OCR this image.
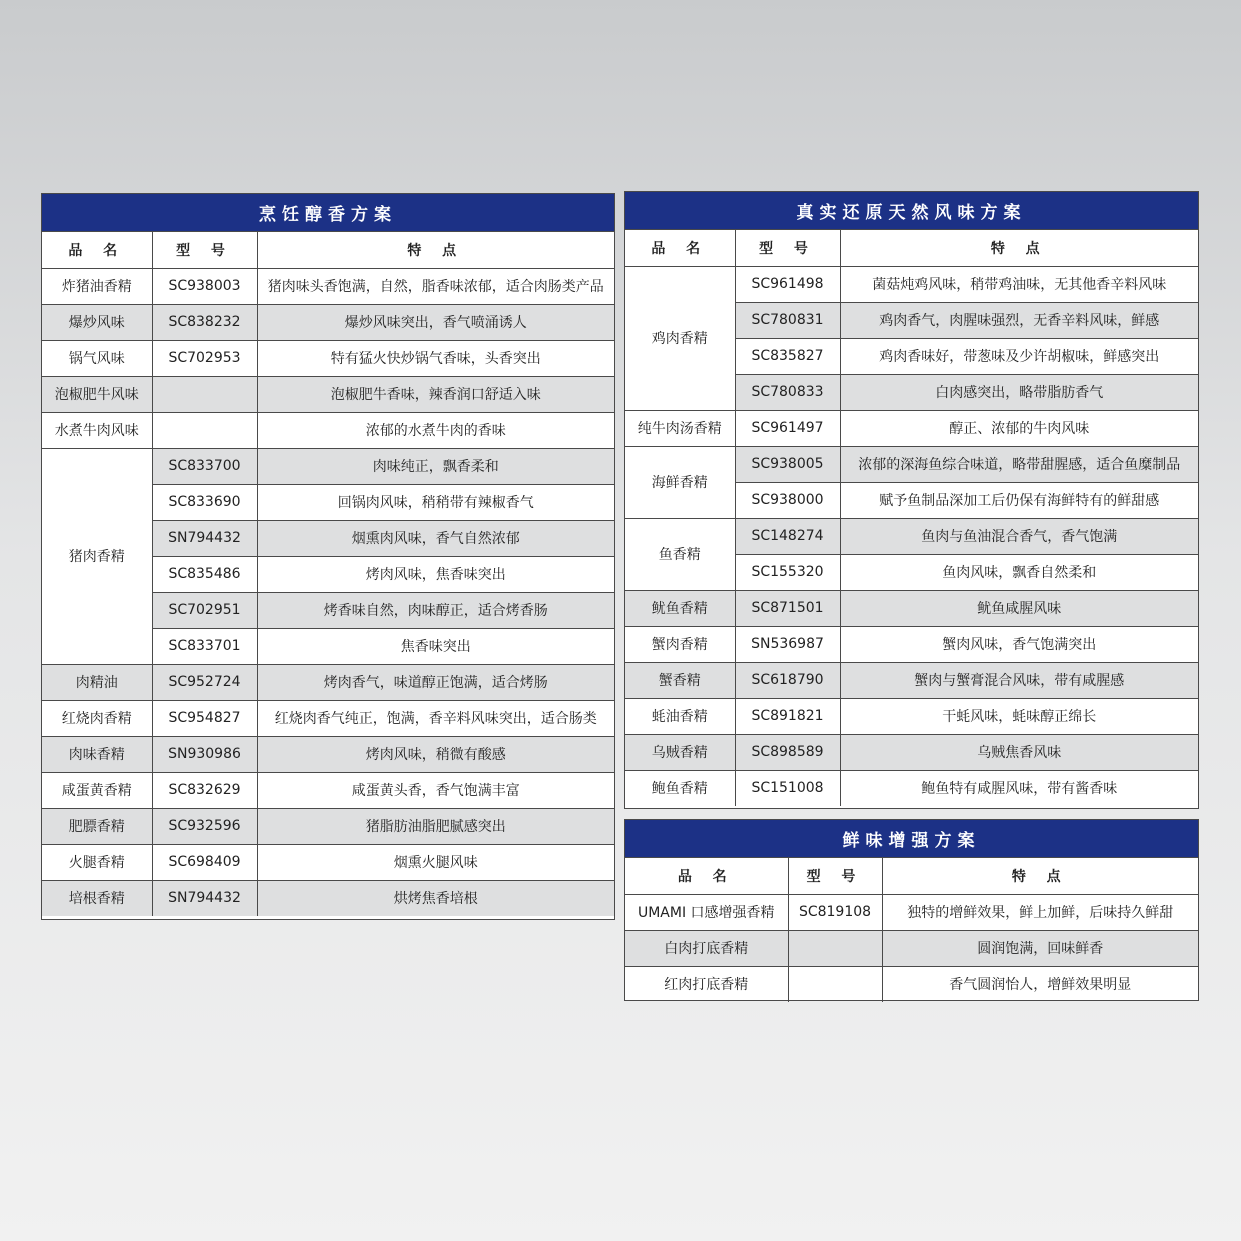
烹饪醇香方案
品 名	型 号	特 点
炸猪油香精	SC938003	猪肉味头香饱满，自然，脂香味浓郁，适合肉肠类产品
爆炒风味	SC838232	爆炒风味突出，香气喷涌诱人
锅气风味	SC702953	特有猛火快炒锅气香味，头香突出
泡椒肥牛风味		泡椒肥牛香味，辣香润口舒适入味
水煮牛肉风味		浓郁的水煮牛肉的香味
猪肉香精	SC833700	肉味纯正，飘香柔和
	SC833690	回锅肉风味，稍稍带有辣椒香气
	SN794432	烟熏肉风味，香气自然浓郁
	SC835486	烤肉风味，焦香味突出
	SC702951	烤香味自然，肉味醇正，适合烤香肠
	SC833701	焦香味突出
肉精油	SC952724	烤肉香气，味道醇正饱满，适合烤肠
红烧肉香精	SC954827	红烧肉香气纯正，饱满，香辛料风味突出，适合肠类
肉味香精	SN930986	烤肉风味，稍微有酸感
咸蛋黄香精	SC832629	咸蛋黄头香，香气饱满丰富
肥膘香精	SC932596	猪脂肪油脂肥腻感突出
火腿香精	SC698409	烟熏火腿风味
培根香精	SN794432	烘烤焦香培根
真实还原天然风味方案
品 名	型 号	特 点
鸡肉香精	SC961498	菌菇炖鸡风味，稍带鸡油味，无其他香辛料风味
	SC780831	鸡肉香气，肉腥味强烈，无香辛料风味，鲜感
	SC835827	鸡肉香味好，带葱味及少许胡椒味，鲜感突出
	SC780833	白肉感突出，略带脂肪香气
纯牛肉汤香精	SC961497	醇正、浓郁的牛肉风味
海鲜香精	SC938005	浓郁的深海鱼综合味道，略带甜腥感，适合鱼糜制品
	SC938000	赋予鱼制品深加工后仍保有海鲜特有的鲜甜感
鱼香精	SC148274	鱼肉与鱼油混合香气，香气饱满
	SC155320	鱼肉风味，飘香自然柔和
鱿鱼香精	SC871501	鱿鱼咸腥风味
蟹肉香精	SN536987	蟹肉风味，香气饱满突出
蟹香精	SC618790	蟹肉与蟹膏混合风味，带有咸腥感
蚝油香精	SC891821	干蚝风味，蚝味醇正绵长
乌贼香精	SC898589	乌贼焦香风味
鲍鱼香精	SC151008	鲍鱼特有咸腥风味，带有酱香味
鲜味增强方案
品 名	型 号	特 点
UMAMI 口感增强香精	SC819108	独特的增鲜效果，鲜上加鲜，后味持久鲜甜
白肉打底香精		圆润饱满，回味鲜香
红肉打底香精		香气圆润怡人，增鲜效果明显
